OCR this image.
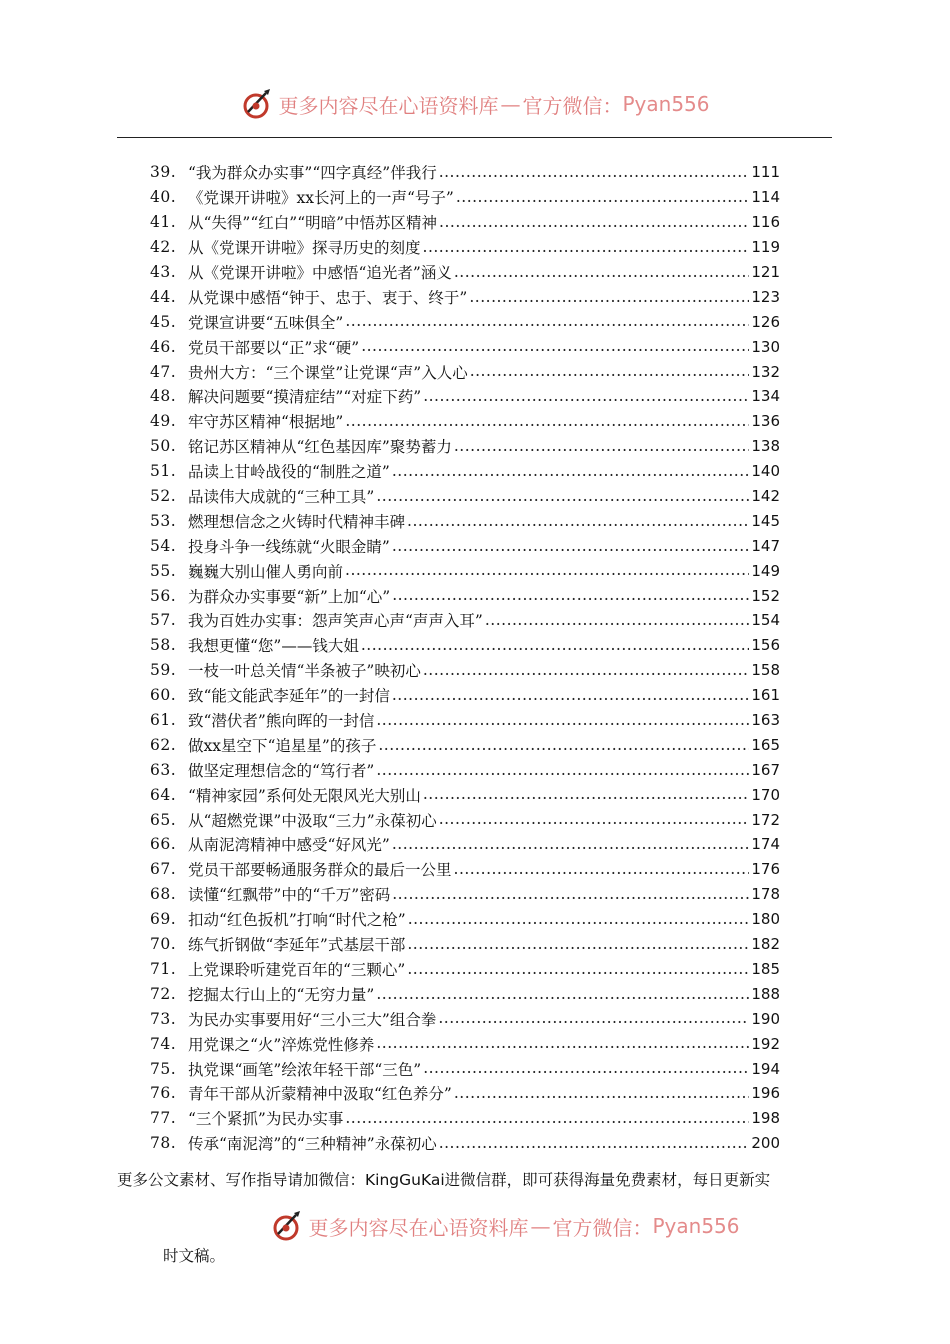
更多内容尽在心语资料库 — 官方微信： Pyan556
39. “我为群众办实事”“四字真经”伴我行 .....	111
40. 《党课开讲啦》xx长河上的一声“号子” .....	114
41. 从“失得”“红白”“明暗”中悟苏区精神 .....	116
42. 从《党课开讲啦》探寻历史的刻度 .....	119
43. 从《党课开讲啦》中感悟“追光者”涵义 .....	121
44. 从党课中感悟“钟于、忠于、衷于、终于” .....	123
45. 党课宣讲要“五味俱全” .....	126
46. 党员干部要以“正”求“硬” .....	130
47. 贵州大方：“三个课堂”让党课“声”入人心 .....	132
48. 解决问题要“摸清症结”“对症下药” .....	134
49. 牢守苏区精神“根据地” .....	136
50. 铭记苏区精神从“红色基因库”聚势蓄力 .....	138
51. 品读上甘岭战役的“制胜之道” .....	140
52. 品读伟大成就的“三种工具” .....	142
53. 燃理想信念之火铸时代精神丰碑 .....	145
54. 投身斗争一线练就“火眼金睛” .....	147
55. 巍巍大别山催人勇向前 .....	149
56. 为群众办实事要“新”上加“心” .....	152
57. 我为百姓办实事：怨声笑声心声“声声入耳” .....	154
58. 我想更懂“您”——钱大姐 .....	156
59. 一枝一叶总关情“半条被子”映初心 .....	158
60. 致“能文能武李延年”的一封信 .....	161
61. 致“潜伏者”熊向晖的一封信 .....	163
62. 做xx星空下“追星星”的孩子 .....	165
63. 做坚定理想信念的“笃行者” .....	167
64. “精神家园”系何处无限风光大别山 .....	170
65. 从“超燃党课”中汲取“三力”永葆初心 .....	172
66. 从南泥湾精神中感受“好风光” .....	174
67. 党员干部要畅通服务群众的最后一公里 .....	176
68. 读懂“红飘带”中的“千万”密码 .....	178
69. 扣动“红色扳机”打响“时代之枪” .....	180
70. 练气折钢做“李延年”式基层干部 .....	182
71. 上党课聆听建党百年的“三颗心” .....	185
72. 挖掘太行山上的“无穷力量” .....	188
73. 为民办实事要用好“三小三大”组合拳 .....	190
74. 用党课之“火”淬炼党性修养 .....	192
75. 执党课“画笔”绘浓年轻干部“三色” .....	194
76. 青年干部从沂蒙精神中汲取“红色养分” .....	196
77. “三个紧抓”为民办实事 .....	198
78. 传承“南泥湾”的“三种精神”永葆初心 .....	200
更多公文素材、写作指导请加微信：KingGuKai进微信群，即可获得海量免费素材，每日更新实
更多内容尽在心语资料库 — 官方微信： Pyan556
时文稿。
